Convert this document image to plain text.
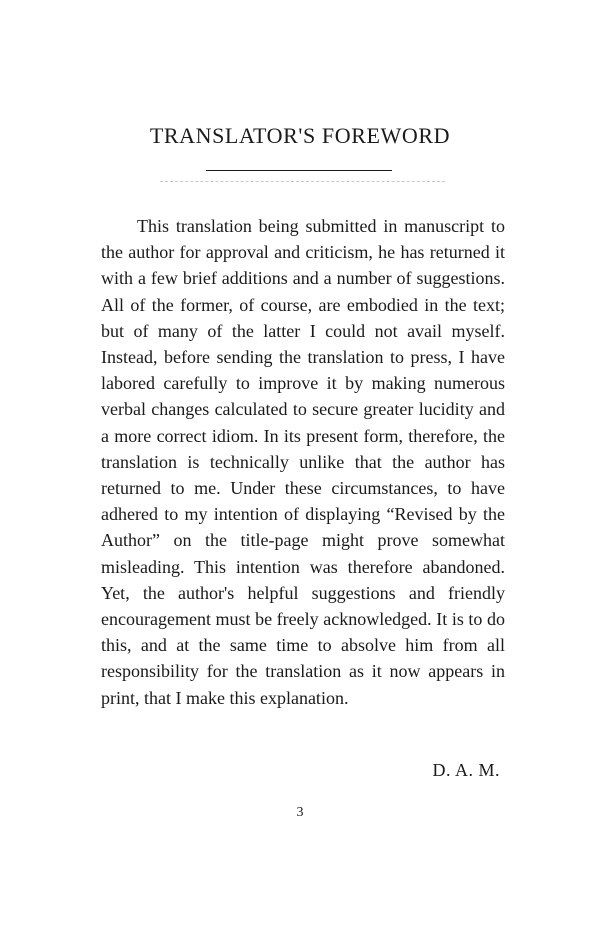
TRANSLATOR'S FOREWORD

This translation being submitted in manuscript to the author for approval and criticism, he has returned it with a few brief additions and a number of suggestions. All of the former, of course, are embodied in the text; but of many of the latter I could not avail myself. Instead, before sending the translation to press, I have labored carefully to improve it by making numerous verbal changes calculated to secure greater lucidity and a more correct idiom. In its present form, therefore, the translation is technically unlike that the author has returned to me. Under these circumstances, to have adhered to my intention of displaying “Revised by the Author” on the title-page might prove somewhat misleading. This intention was therefore abandoned. Yet, the author's helpful suggestions and friendly encouragement must be freely acknowledged. It is to do this, and at the same time to absolve him from all responsibility for the translation as it now appears in print, that I make this explanation.

D. A. M.
3
